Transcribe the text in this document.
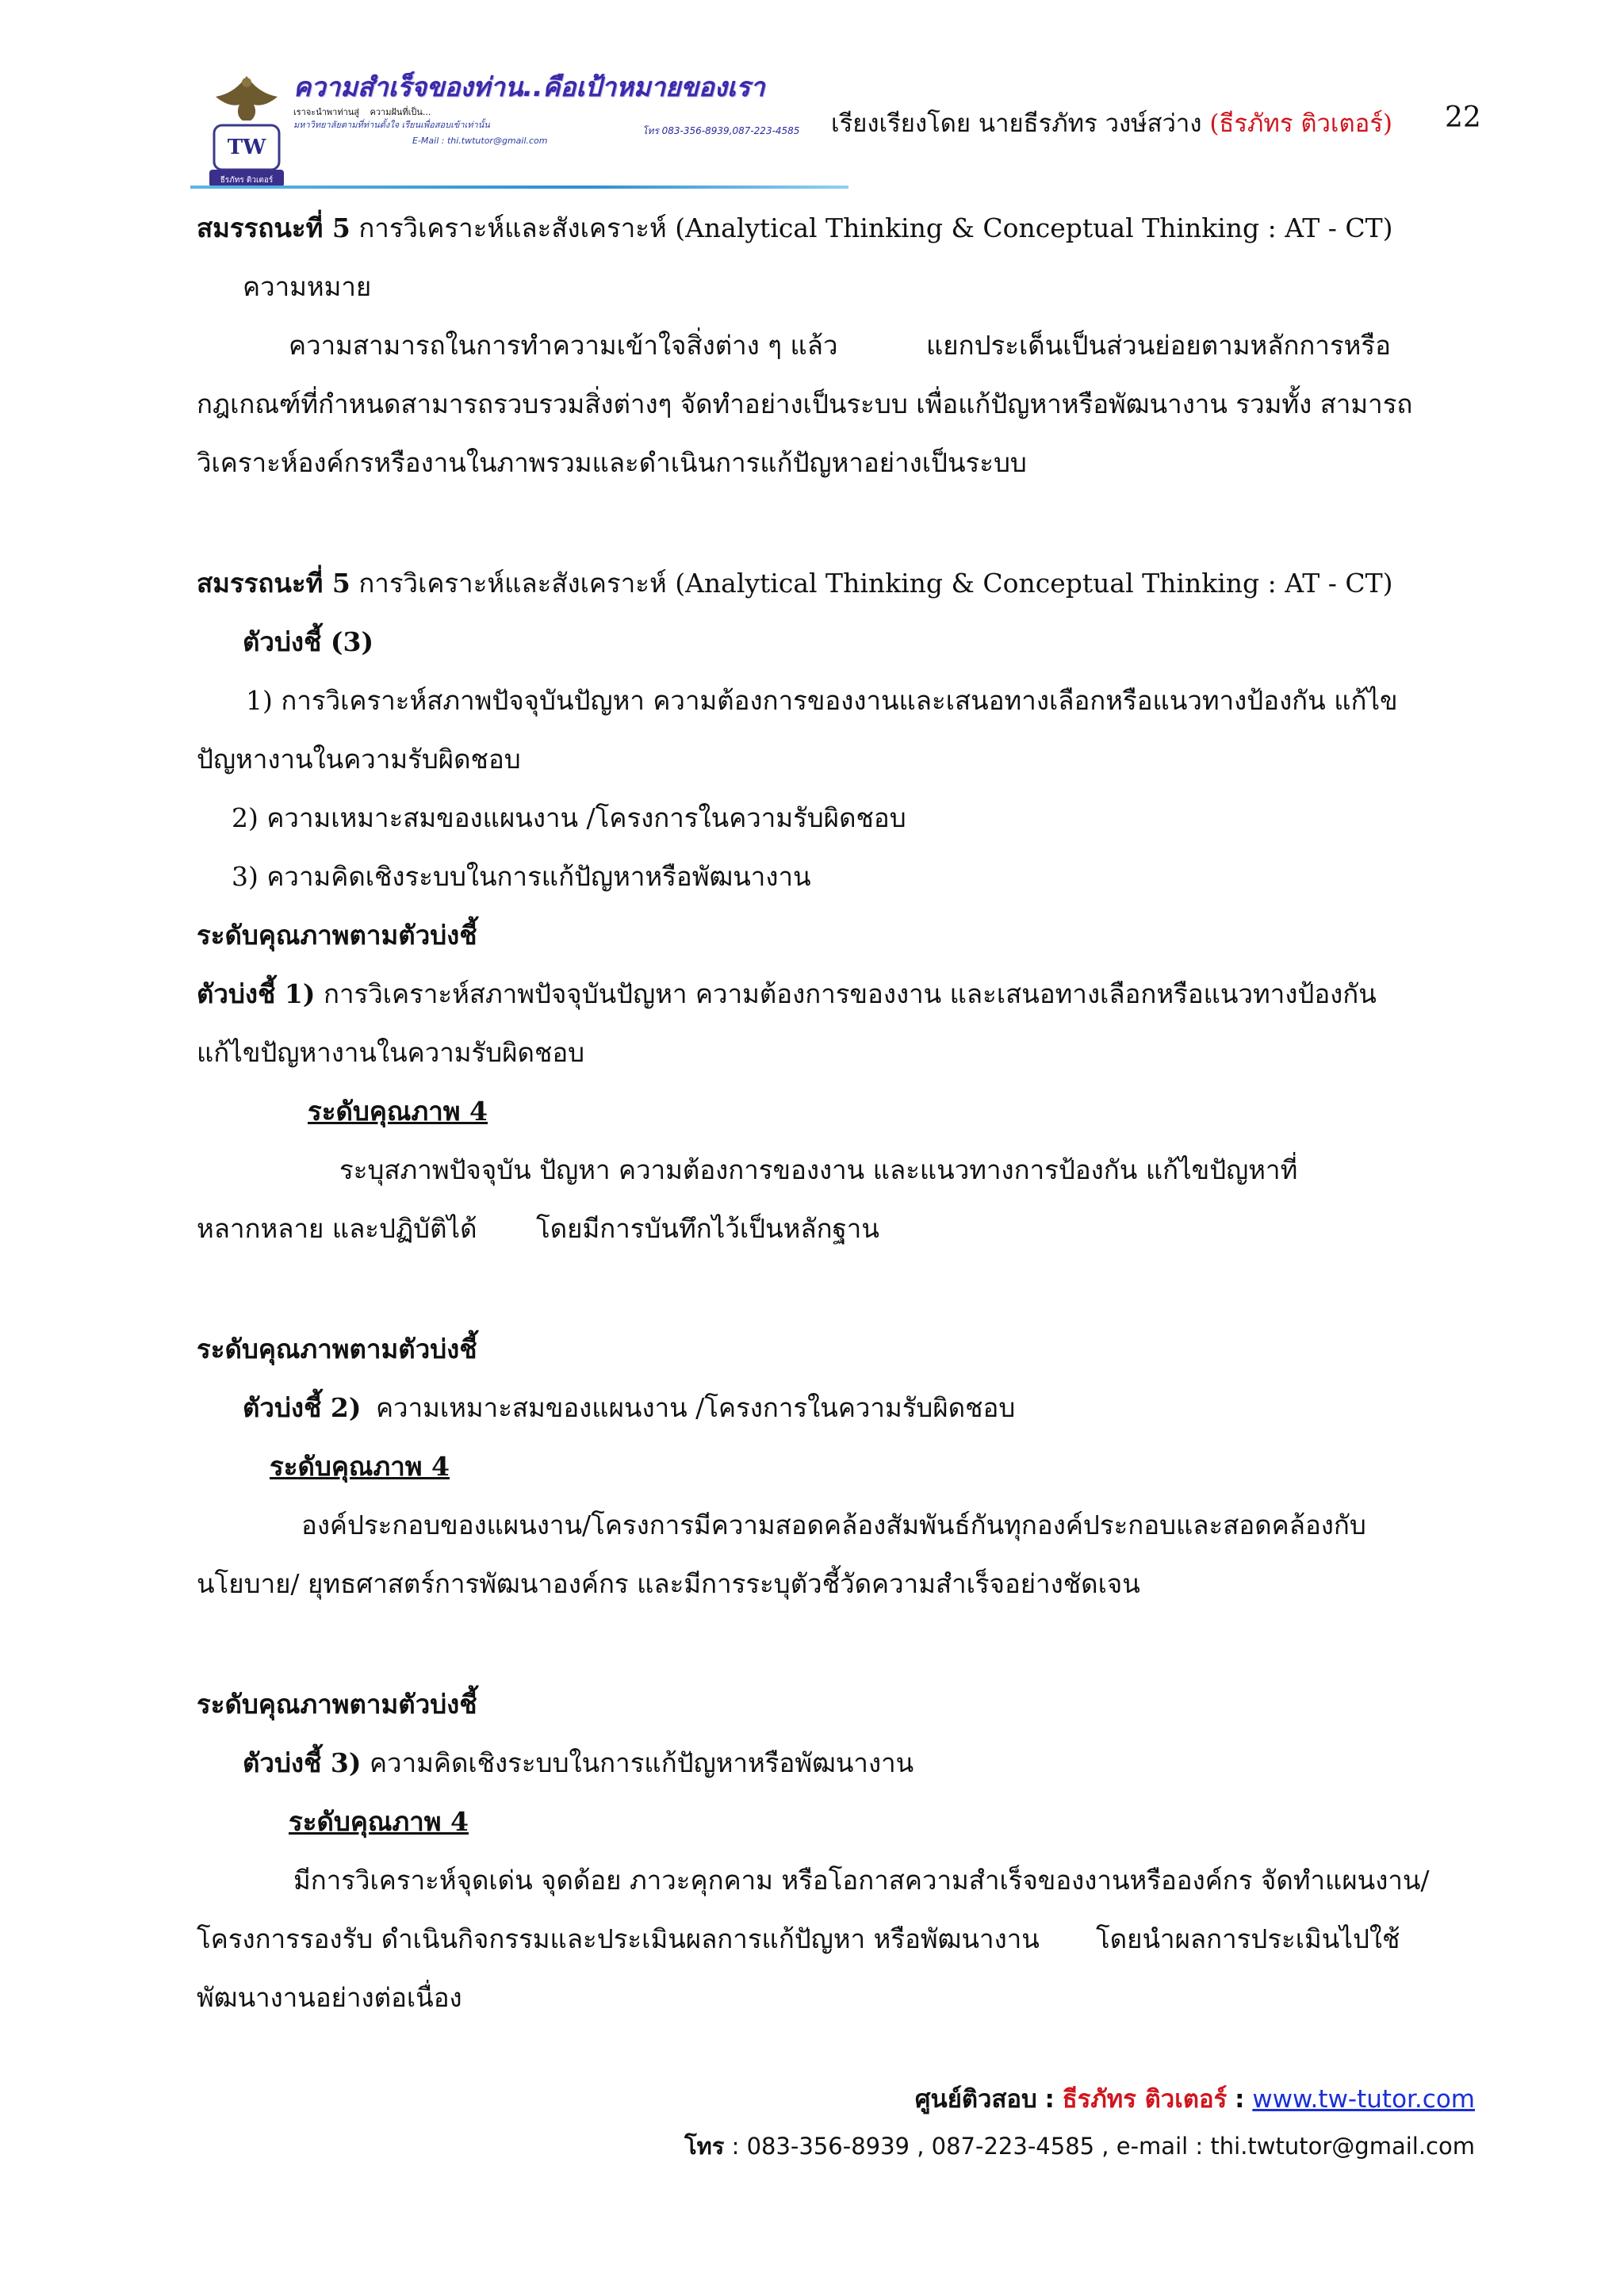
TW
ธีรภัทร ติวเตอร์
ความสำเร็จของท่าน..คือเป้าหมายของเรา
เราจะนำพาท่านสู่ ความฝันที่เป็น...
มหาวิทยาลัยตามที่ท่านตั้งใจ เรียนเพื่อสอบเข้าเท่านั้น
E-Mail : thi.twtutor@gmail.com
โทร 083-356-8939,087-223-4585 เรียงเรียงโดย นายธีรภัทร วงษ์สว่าง (ธีรภัทร ติวเตอร์) 22
สมรรถนะที่ 5 การวิเคราะห์และสังเคราะห์ (Analytical Thinking & Conceptual Thinking : AT - CT)
ความหมาย
ความสามารถในการทำความเข้าใจสิ่งต่าง ๆ แล้ว	แยกประเด็นเป็นส่วนย่อยตามหลักการหรือ
กฎเกณฑ์ที่กำหนดสามารถรวบรวมสิ่งต่างๆ จัดทำอย่างเป็นระบบ เพื่อแก้ปัญหาหรือพัฒนางาน รวมทั้ง สามารถ
วิเคราะห์องค์กรหรืองานในภาพรวมและดำเนินการแก้ปัญหาอย่างเป็นระบบ
สมรรถนะที่ 5 การวิเคราะห์และสังเคราะห์ (Analytical Thinking & Conceptual Thinking : AT - CT)
ตัวบ่งชี้ (3)
1) การวิเคราะห์สภาพปัจจุบันปัญหา ความต้องการของงานและเสนอทางเลือกหรือแนวทางป้องกัน แก้ไข
ปัญหางานในความรับผิดชอบ
2) ความเหมาะสมของแผนงาน /โครงการในความรับผิดชอบ
3) ความคิดเชิงระบบในการแก้ปัญหาหรือพัฒนางาน
ระดับคุณภาพตามตัวบ่งชี้
ตัวบ่งชี้ 1) การวิเคราะห์สภาพปัจจุบันปัญหา ความต้องการของงาน และเสนอทางเลือกหรือแนวทางป้องกัน
แก้ไขปัญหางานในความรับผิดชอบ
ระดับคุณภาพ 4
ระบุสภาพปัจจุบัน ปัญหา ความต้องการของงาน และแนวทางการป้องกัน แก้ไขปัญหาที่
หลากหลาย และปฏิบัติได้ โดยมีการบันทึกไว้เป็นหลักฐาน
ระดับคุณภาพตามตัวบ่งชี้
ตัวบ่งชี้ 2) ความเหมาะสมของแผนงาน /โครงการในความรับผิดชอบ
ระดับคุณภาพ 4
องค์ประกอบของแผนงาน/โครงการมีความสอดคล้องสัมพันธ์กันทุกองค์ประกอบและสอดคล้องกับ
นโยบาย/ ยุทธศาสตร์การพัฒนาองค์กร และมีการระบุตัวชี้วัดความสำเร็จอย่างชัดเจน
ระดับคุณภาพตามตัวบ่งชี้
ตัวบ่งชี้ 3) ความคิดเชิงระบบในการแก้ปัญหาหรือพัฒนางาน
ระดับคุณภาพ 4
มีการวิเคราะห์จุดเด่น จุดด้อย ภาวะคุกคาม หรือโอกาสความสำเร็จของงานหรือองค์กร จัดทำแผนงาน/
โครงการรองรับ ดำเนินกิจกรรมและประเมินผลการแก้ปัญหา หรือพัฒนางาน โดยนำผลการประเมินไปใช้
พัฒนางานอย่างต่อเนื่อง
ศูนย์ติวสอบ : ธีรภัทร ติวเตอร์ : www.tw-tutor.com
โทร : 083-356-8939 , 087-223-4585 , e-mail : thi.twtutor@gmail.com
